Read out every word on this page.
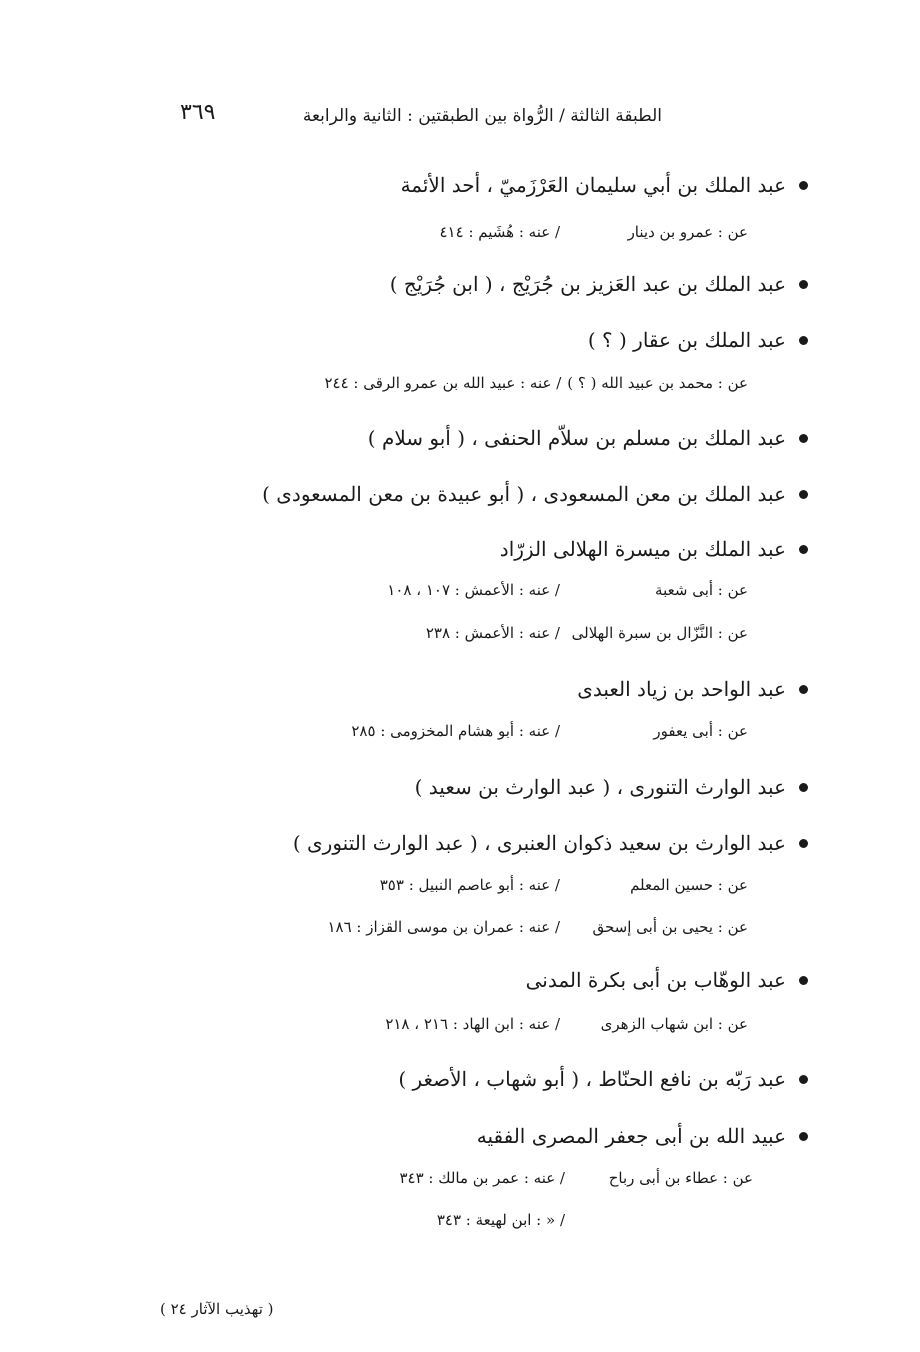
الطبقة الثالثة / الرُّواة بين الطبقتين : الثانية والرابعة
٣٦٩
عبد الملك بن أبي سليمان العَرْزَميّ ، أحد الأئمة
عن : عمرو بن دينار
/ عنه : هُشَيم : ٤١٤
عبد الملك بن عبد العَزيز بن جُرَيْج ، ( ابن جُرَيْج )
عبد الملك بن عقار ( ؟ )
عن : محمد بن عبيد الله ( ؟ )
/ عنه : عبيد الله بن عمرو الرقى : ٢٤٤
عبد الملك بن مسلم بن سلاّم الحنفى ، ( أبو سلام )
عبد الملك بن معن المسعودى ، ( أبو عبيدة بن معن المسعودى )
عبد الملك بن ميسرة الهلالى الزرّاد
عن : أبى شعبة
/ عنه : الأعمش : ١٠٧ ، ١٠٨
عن : النَّزّال بن سبرة الهلالى
/ عنه : الأعمش : ٢٣٨
عبد الواحد بن زياد العبدى
عن : أبى يعفور
/ عنه : أبو هشام المخزومى : ٢٨٥
عبد الوارث التنورى ، ( عبد الوارث بن سعيد )
عبد الوارث بن سعيد ذكوان العنبرى ، ( عبد الوارث التنورى )
عن : حسين المعلم
/ عنه : أبو عاصم النبيل : ٣٥٣
عن : يحيى بن أبى إسحق
/ عنه : عمران بن موسى القزاز : ١٨٦
عبد الوهّاب بن أبى بكرة المدنى
عن : ابن شهاب الزهرى
/ عنه : ابن الهاد : ٢١٦ ، ٢١٨
عبد رَبّه بن نافع الحنّاط ، ( أبو شهاب ، الأصغر )
عبيد الله بن أبى جعفر المصرى الفقيه
عن : عطاء بن أبى رباح
/ عنه : عمر بن مالك : ٣٤٣
/ « : ابن لهيعة : ٣٤٣
( تهذيب الآثار ٢٤ )
